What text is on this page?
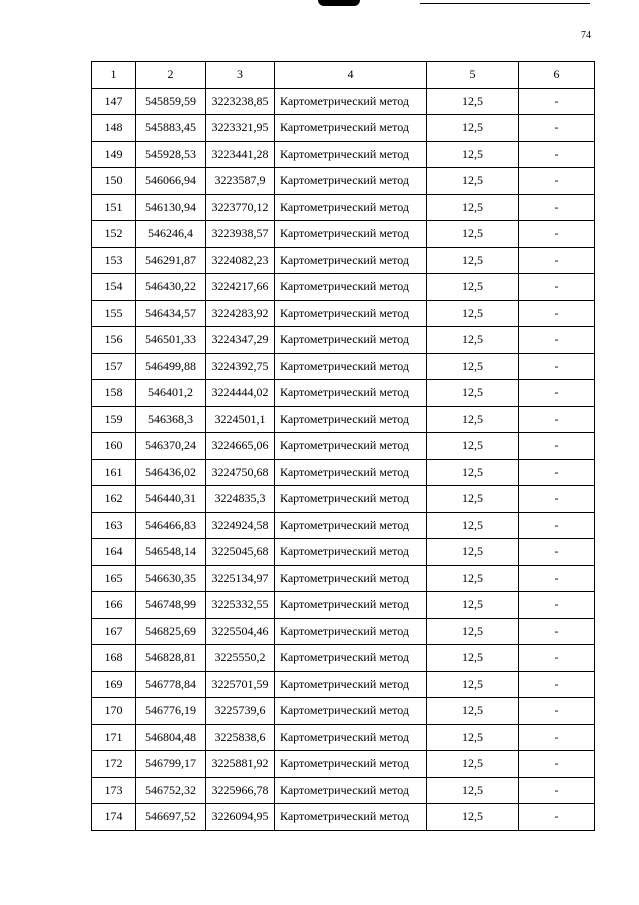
74
1	2	3	4	5	6
147	545859,59	3223238,85	Картометрический метод	12,5	-
148	545883,45	3223321,95	Картометрический метод	12,5	-
149	545928,53	3223441,28	Картометрический метод	12,5	-
150	546066,94	3223587,9	Картометрический метод	12,5	-
151	546130,94	3223770,12	Картометрический метод	12,5	-
152	546246,4	3223938,57	Картометрический метод	12,5	-
153	546291,87	3224082,23	Картометрический метод	12,5	-
154	546430,22	3224217,66	Картометрический метод	12,5	-
155	546434,57	3224283,92	Картометрический метод	12,5	-
156	546501,33	3224347,29	Картометрический метод	12,5	-
157	546499,88	3224392,75	Картометрический метод	12,5	-
158	546401,2	3224444,02	Картометрический метод	12,5	-
159	546368,3	3224501,1	Картометрический метод	12,5	-
160	546370,24	3224665,06	Картометрический метод	12,5	-
161	546436,02	3224750,68	Картометрический метод	12,5	-
162	546440,31	3224835,3	Картометрический метод	12,5	-
163	546466,83	3224924,58	Картометрический метод	12,5	-
164	546548,14	3225045,68	Картометрический метод	12,5	-
165	546630,35	3225134,97	Картометрический метод	12,5	-
166	546748,99	3225332,55	Картометрический метод	12,5	-
167	546825,69	3225504,46	Картометрический метод	12,5	-
168	546828,81	3225550,2	Картометрический метод	12,5	-
169	546778,84	3225701,59	Картометрический метод	12,5	-
170	546776,19	3225739,6	Картометрический метод	12,5	-
171	546804,48	3225838,6	Картометрический метод	12,5	-
172	546799,17	3225881,92	Картометрический метод	12,5	-
173	546752,32	3225966,78	Картометрический метод	12,5	-
174	546697,52	3226094,95	Картометрический метод	12,5	-
